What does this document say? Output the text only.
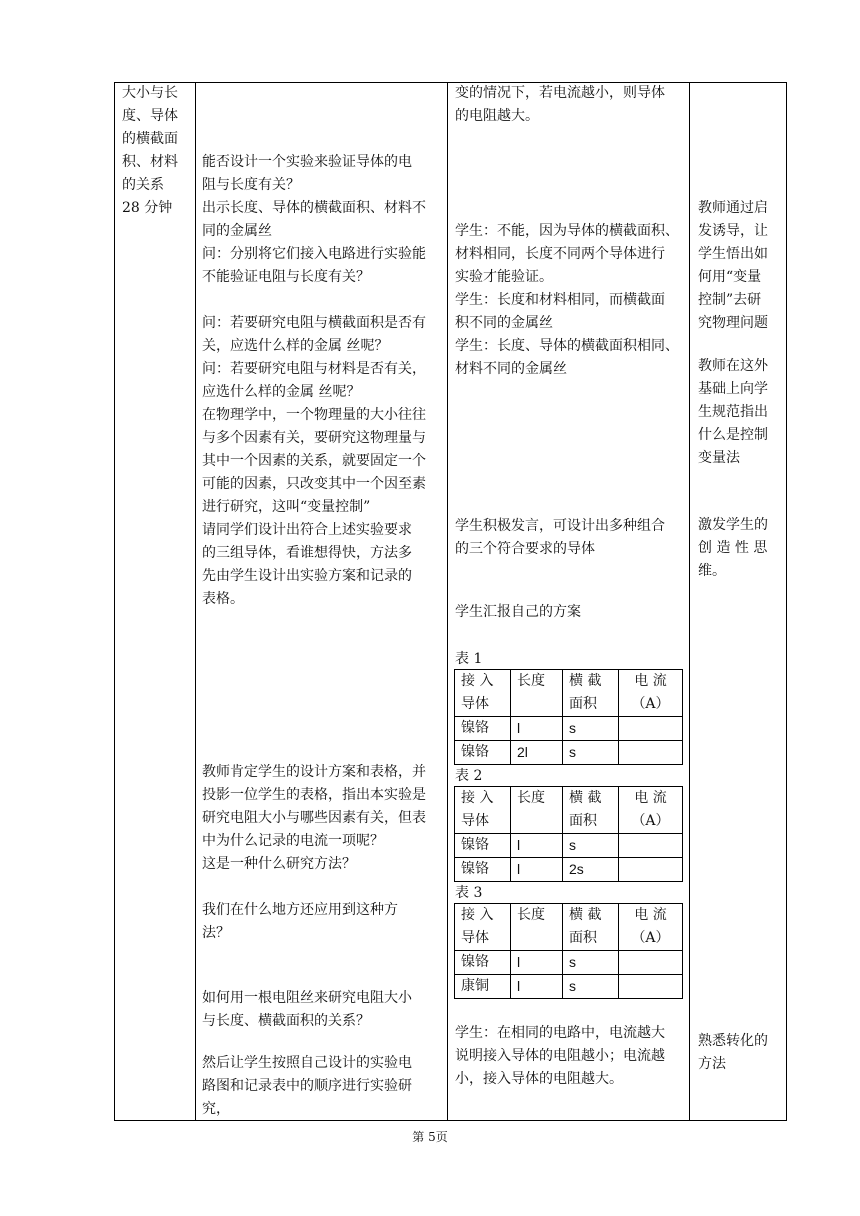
大小与长

度、导体

的横截面

积、材料

的关系

28 分钟

能否设计一个实验来验证导体的电

阻与长度有关？

出示长度、导体的横截面积、材料不

同的金属丝

问：分别将它们接入电路进行实验能

不能验证电阻与长度有关？

问：若要研究电阻与横截面积是否有

关，应选什么样的金属 丝呢？

问：若要研究电阻与材料是否有关，

应选什么样的金属 丝呢？

在物理学中，一个物理量的大小往往

与多个因素有关，要研究这物理量与

其中一个因素的关系，就要固定一个

可能的因素，只改变其中一个因至素

进行研究，这叫“变量控制”

请同学们设计出符合上述实验要求

的三组导体，看谁想得快，方法多

先由学生设计出实验方案和记录的

表格。

教师肯定学生的设计方案和表格，并

投影一位学生的表格，指出本实验是

研究电阻大小与哪些因素有关，但表

中为什么记录的电流一项呢？

这是一种什么研究方法？

我们在什么地方还应用到这种方

法？

如何用一根电阻丝来研究电阻大小

与长度、横截面积的关系？

然后让学生按照自己设计的实验电

路图和记录表中的顺序进行实验研

究，

变的情况下，若电流越小，则导体

的电阻越大。

学生：不能，因为导体的横截面积、

材料相同，长度不同两个导体进行

实验才能验证。

学生：长度和材料相同，而横截面

积不同的金属丝

学生：长度、导体的横截面积相同、

材料不同的金属丝

学生积极发言，可设计出多种组合

的三个符合要求的导体

学生汇报自己的方案

表 1
接 入 导体	长度	横 截 面积	电 流 （A）
镍铬	l	s	
镍铬	2l	s	
表 2
接 入 导体	长度	横 截 面积	电 流 （A）
镍铬	l	s	
镍铬	l	2s	
表 3
接 入 导体	长度	横 截 面积	电 流 （A）
镍铬	l	s	
康铜	l	s	

学生：在相同的电路中，电流越大

说明接入导体的电阻越小；电流越

小，接入导体的电阻越大。

教师通过启

发诱导，让

学生悟出如

何用“变量

控制”去研

究物理问题

教师在这外

基础上向学

生规范指出

什么是控制

变量法

激发学生的

创 造 性 思

维。

熟悉转化的

方法

第 5页
